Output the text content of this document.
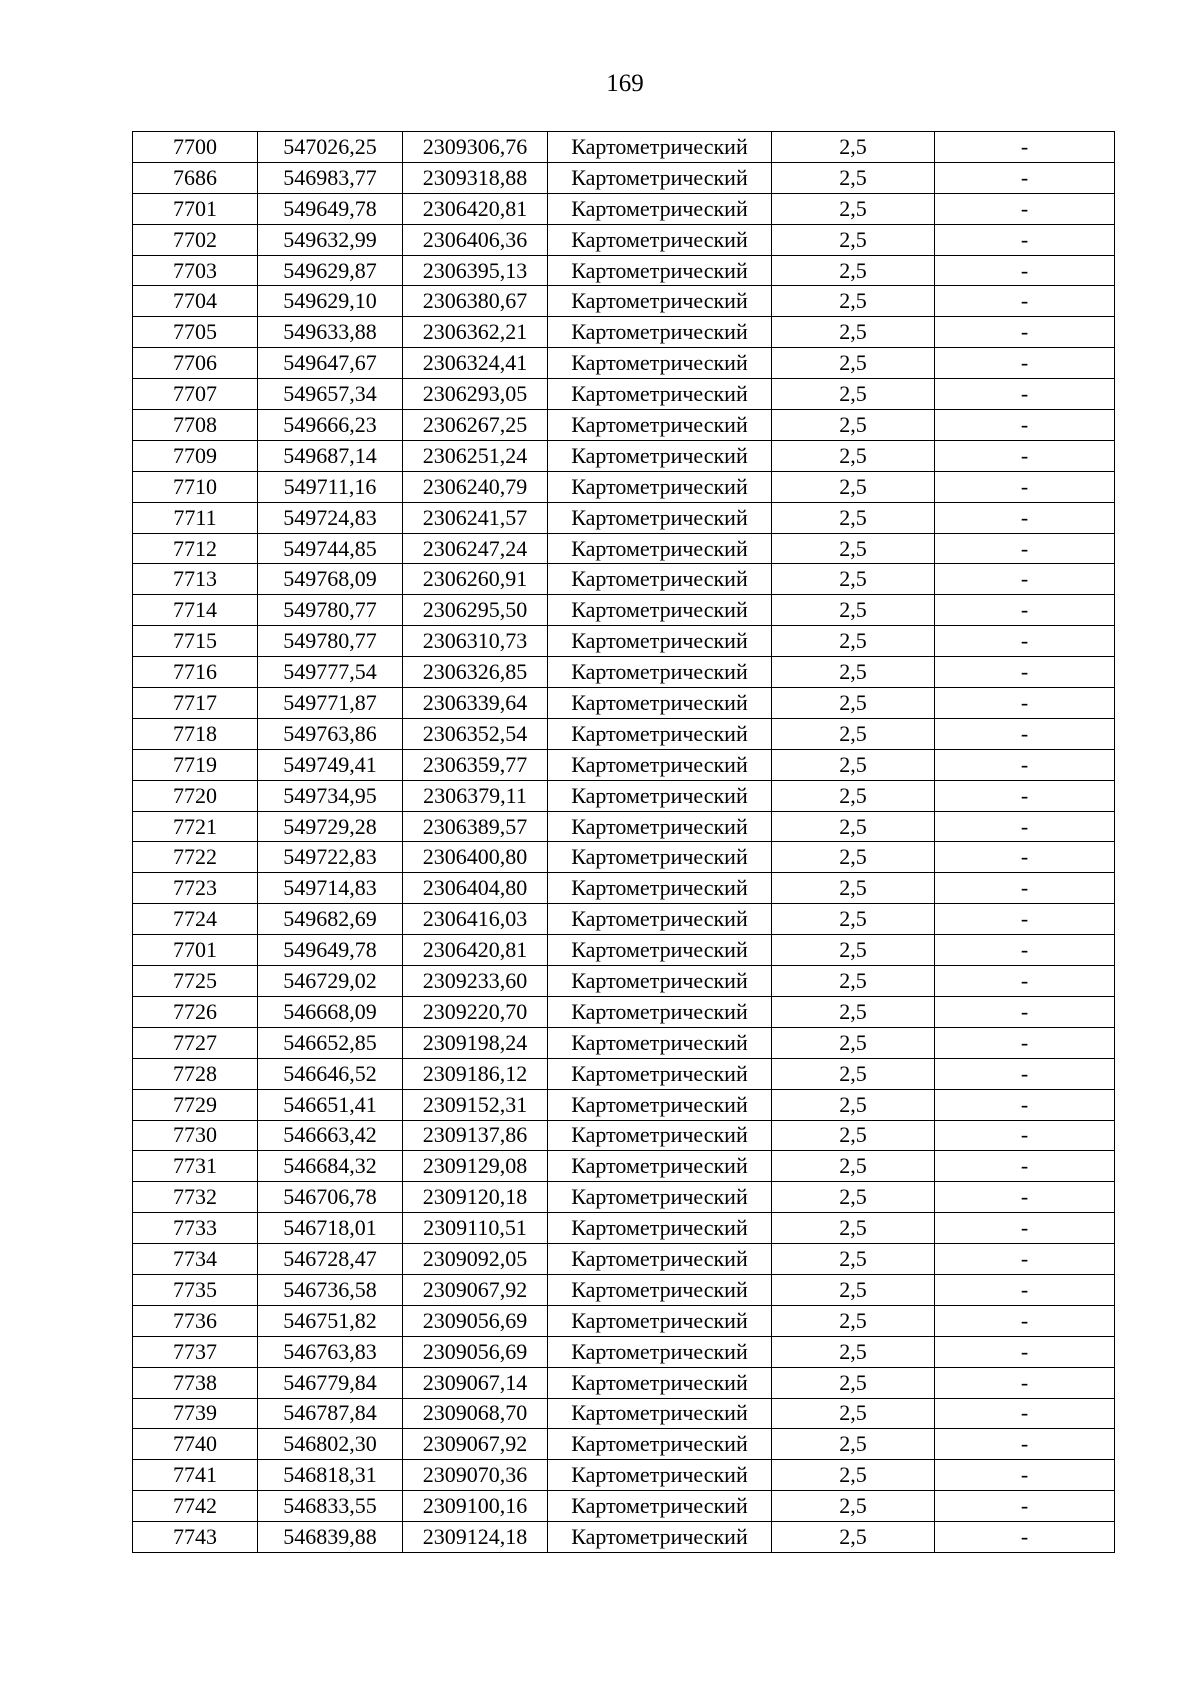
169
7700	547026,25	2309306,76	Картометрический	2,5	-
7686	546983,77	2309318,88	Картометрический	2,5	-
7701	549649,78	2306420,81	Картометрический	2,5	-
7702	549632,99	2306406,36	Картометрический	2,5	-
7703	549629,87	2306395,13	Картометрический	2,5	-
7704	549629,10	2306380,67	Картометрический	2,5	-
7705	549633,88	2306362,21	Картометрический	2,5	-
7706	549647,67	2306324,41	Картометрический	2,5	-
7707	549657,34	2306293,05	Картометрический	2,5	-
7708	549666,23	2306267,25	Картометрический	2,5	-
7709	549687,14	2306251,24	Картометрический	2,5	-
7710	549711,16	2306240,79	Картометрический	2,5	-
7711	549724,83	2306241,57	Картометрический	2,5	-
7712	549744,85	2306247,24	Картометрический	2,5	-
7713	549768,09	2306260,91	Картометрический	2,5	-
7714	549780,77	2306295,50	Картометрический	2,5	-
7715	549780,77	2306310,73	Картометрический	2,5	-
7716	549777,54	2306326,85	Картометрический	2,5	-
7717	549771,87	2306339,64	Картометрический	2,5	-
7718	549763,86	2306352,54	Картометрический	2,5	-
7719	549749,41	2306359,77	Картометрический	2,5	-
7720	549734,95	2306379,11	Картометрический	2,5	-
7721	549729,28	2306389,57	Картометрический	2,5	-
7722	549722,83	2306400,80	Картометрический	2,5	-
7723	549714,83	2306404,80	Картометрический	2,5	-
7724	549682,69	2306416,03	Картометрический	2,5	-
7701	549649,78	2306420,81	Картометрический	2,5	-
7725	546729,02	2309233,60	Картометрический	2,5	-
7726	546668,09	2309220,70	Картометрический	2,5	-
7727	546652,85	2309198,24	Картометрический	2,5	-
7728	546646,52	2309186,12	Картометрический	2,5	-
7729	546651,41	2309152,31	Картометрический	2,5	-
7730	546663,42	2309137,86	Картометрический	2,5	-
7731	546684,32	2309129,08	Картометрический	2,5	-
7732	546706,78	2309120,18	Картометрический	2,5	-
7733	546718,01	2309110,51	Картометрический	2,5	-
7734	546728,47	2309092,05	Картометрический	2,5	-
7735	546736,58	2309067,92	Картометрический	2,5	-
7736	546751,82	2309056,69	Картометрический	2,5	-
7737	546763,83	2309056,69	Картометрический	2,5	-
7738	546779,84	2309067,14	Картометрический	2,5	-
7739	546787,84	2309068,70	Картометрический	2,5	-
7740	546802,30	2309067,92	Картометрический	2,5	-
7741	546818,31	2309070,36	Картометрический	2,5	-
7742	546833,55	2309100,16	Картометрический	2,5	-
7743	546839,88	2309124,18	Картометрический	2,5	-
